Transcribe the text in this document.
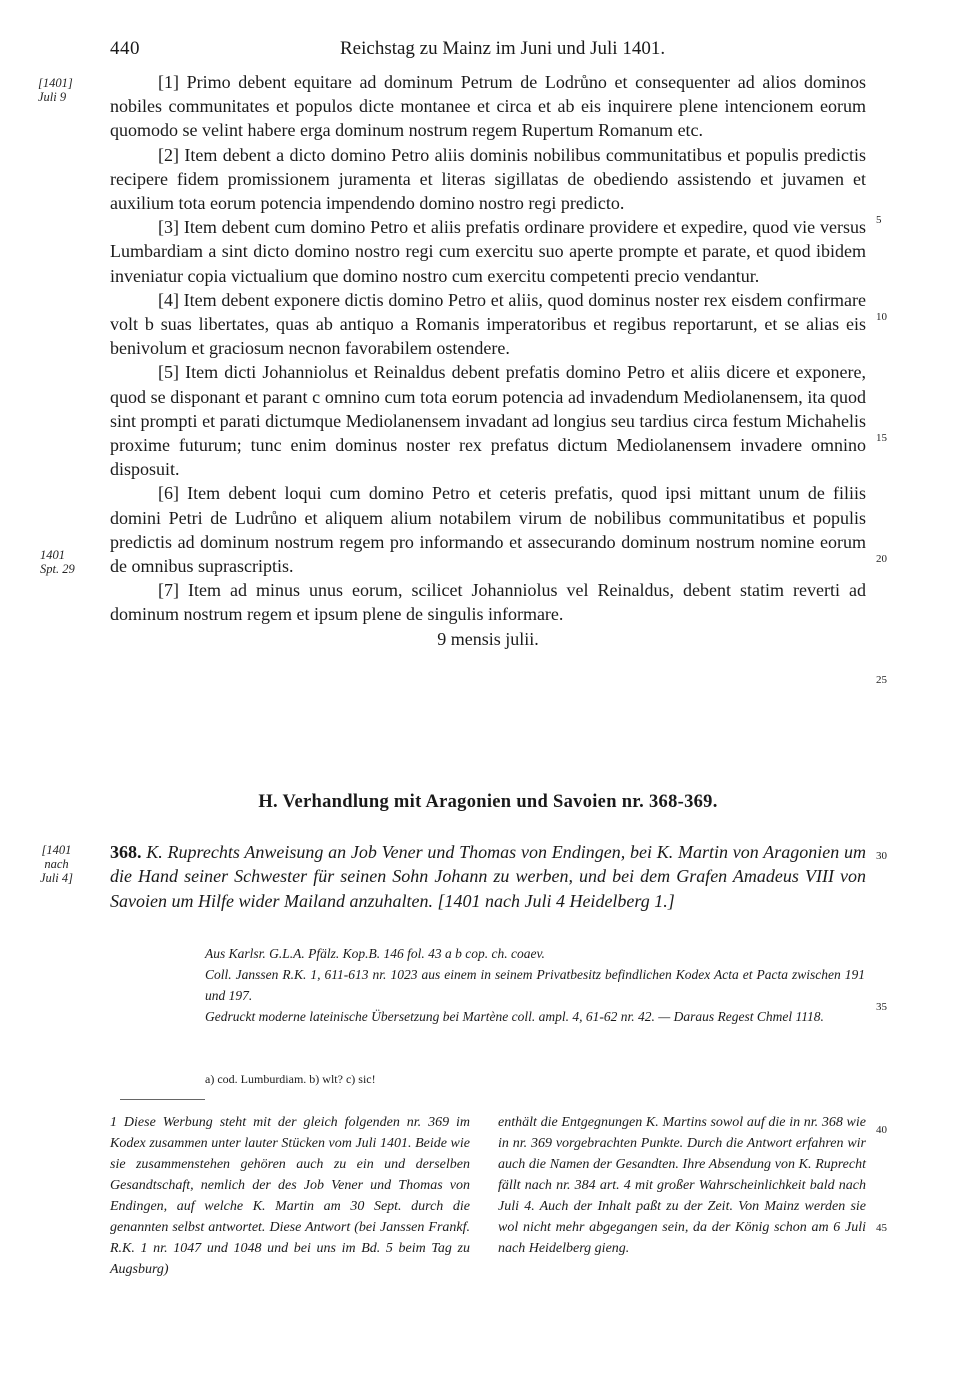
440	Reichstag zu Mainz im Juni und Juli 1401.
[1401]
Juli 9
1401
Spt. 29
[1401
nach
Juli 4]
5
10
15
20
25
30
35
40
45

[1] Primo debent equitare ad dominum Petrum de Lodrůno et consequenter ad alios dominos nobiles communitates et populos dicte montanee et circa et ab eis inquirere plene intencionem eorum quomodo se velint habere erga dominum nostrum regem Rupertum Romanum etc.

[2] Item debent a dicto domino Petro aliis dominis nobilibus communitatibus et populis predictis recipere fidem promissionem juramenta et literas sigillatas de obediendo assistendo et juvamen et auxilium tota eorum potencia impendendo domino nostro regi predicto.

[3] Item debent cum domino Petro et aliis prefatis ordinare providere et expedire, quod vie versus Lumbardiam a sint dicto domino nostro regi cum exercitu suo aperte prompte et parate, et quod ibidem inveniatur copia victualium que domino nostro cum exercitu competenti precio vendantur.

[4] Item debent exponere dictis domino Petro et aliis, quod dominus noster rex eisdem confirmare volt b suas libertates, quas ab antiquo a Romanis imperatoribus et regibus reportarunt, et se alias eis benivolum et graciosum necnon favorabilem ostendere.

[5] Item dicti Johanniolus et Reinaldus debent prefatis domino Petro et aliis dicere et exponere, quod se disponant et parant c omnino cum tota eorum potencia ad invadendum Mediolanensem, ita quod sint prompti et parati dictumque Mediolanensem invadant ad longius seu tardius circa festum Michahelis proxime futurum; tunc enim dominus noster rex prefatus dictum Mediolanensem invadere omnino disposuit.

[6] Item debent loqui cum domino Petro et ceteris prefatis, quod ipsi mittant unum de filiis domini Petri de Ludrůno et aliquem alium notabilem virum de nobilibus communitatibus et populis predictis ad dominum nostrum regem pro informando et assecurando dominum nostrum nomine eorum de omnibus suprascriptis.

[7] Item ad minus unus eorum, scilicet Johanniolus vel Reinaldus, debent statim reverti ad dominum nostrum regem et ipsum plene de singulis informare.

9 mensis julii.

H. Verhandlung mit Aragonien und Savoien nr. 368-369.
368. K. Ruprechts Anweisung an Job Vener und Thomas von Endingen, bei K. Martin von Aragonien um die Hand seiner Schwester für seinen Sohn Johann zu werben, und bei dem Grafen Amadeus VIII von Savoien um Hilfe wider Mailand anzuhalten. [1401 nach Juli 4 Heidelberg 1.]
Aus Karlsr. G.L.A. Pfälz. Kop.B. 146 fol. 43 a b cop. ch. coaev.
Coll. Janssen R.K. 1, 611-613 nr. 1023 aus einem in seinem Privatbesitz befindlichen Kodex Acta et Pacta zwischen 191 und 197.
Gedruckt moderne lateinische Übersetzung bei Martène coll. ampl. 4, 61-62 nr. 42. — Daraus Regest Chmel 1118.
a) cod. Lumburdiam. b) wlt? c) sic!
1 Diese Werbung steht mit der gleich folgenden nr. 369 im Kodex zusammen unter lauter Stücken vom Juli 1401. Beide wie sie zusammenstehen gehören auch zu ein und derselben Gesandtschaft, nemlich der des Job Vener und Thomas von Endingen, auf welche K. Martin am 30 Sept. durch die genannten selbst antwortet. Diese Antwort (bei Janssen Frankf. R.K. 1 nr. 1047 und 1048 und bei uns im Bd. 5 beim Tag zu Augsburg)
enthält die Entgegnungen K. Martins sowol auf die in nr. 368 wie in nr. 369 vorgebrachten Punkte. Durch die Antwort erfahren wir auch die Namen der Gesandten. Ihre Absendung von K. Ruprecht fällt nach nr. 384 art. 4 mit großer Wahrscheinlichkeit bald nach Juli 4. Auch der Inhalt paßt zu der Zeit. Von Mainz werden sie wol nicht mehr abgegangen sein, da der König schon am 6 Juli nach Heidelberg gieng.
